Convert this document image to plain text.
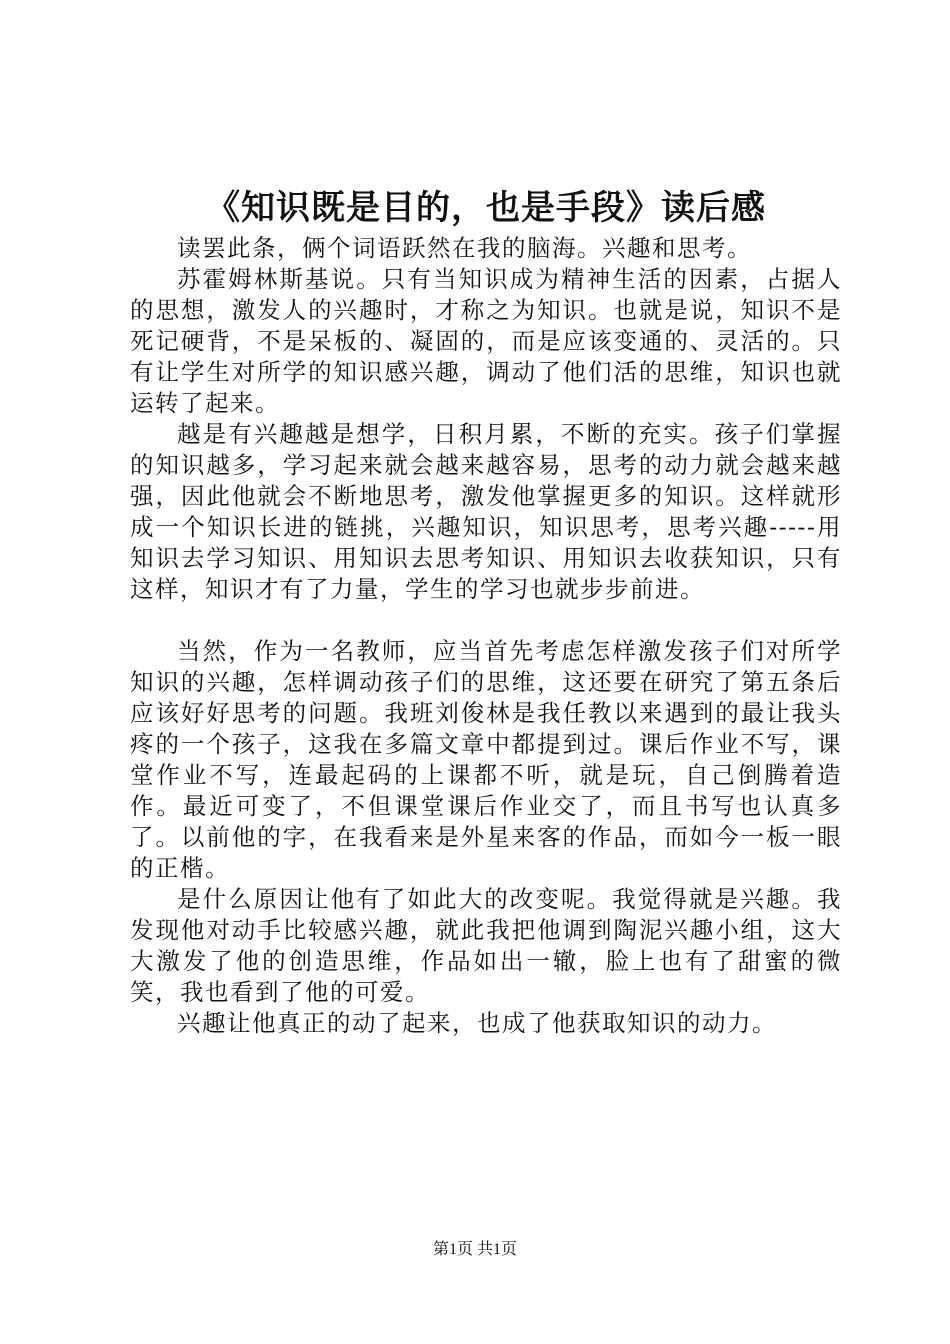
《知识既是目的，也是手段》读后感

读罢此条，俩个词语跃然在我的脑海。兴趣和思考。

苏霍姆林斯基说。只有当知识成为精神生活的因素，占据人的思想，激发人的兴趣时，才称之为知识。也就是说，知识不是死记硬背，不是呆板的、凝固的，而是应该变通的、灵活的。只有让学生对所学的知识感兴趣，调动了他们活的思维，知识也就运转了起来。

越是有兴趣越是想学，日积月累，不断的充实。孩子们掌握的知识越多，学习起来就会越来越容易，思考的动力就会越来越强，因此他就会不断地思考，激发他掌握更多的知识。这样就形成一个知识长进的链挑，兴趣知识，知识思考，思考兴趣-----用知识去学习知识、用知识去思考知识、用知识去收获知识，只有这样，知识才有了力量，学生的学习也就步步前进。

当然，作为一名教师，应当首先考虑怎样激发孩子们对所学知识的兴趣，怎样调动孩子们的思维，这还要在研究了第五条后应该好好思考的问题。我班刘俊林是我任教以来遇到的最让我头疼的一个孩子，这我在多篇文章中都提到过。课后作业不写，课堂作业不写，连最起码的上课都不听，就是玩，自己倒腾着造作。最近可变了，不但课堂课后作业交了，而且书写也认真多了。以前他的字，在我看来是外星来客的作品，而如今一板一眼的正楷。

是什么原因让他有了如此大的改变呢。我觉得就是兴趣。我发现他对动手比较感兴趣，就此我把他调到陶泥兴趣小组，这大大激发了他的创造思维，作品如出一辙，脸上也有了甜蜜的微笑，我也看到了他的可爱。

兴趣让他真正的动了起来，也成了他获取知识的动力。

第1页 共1页
